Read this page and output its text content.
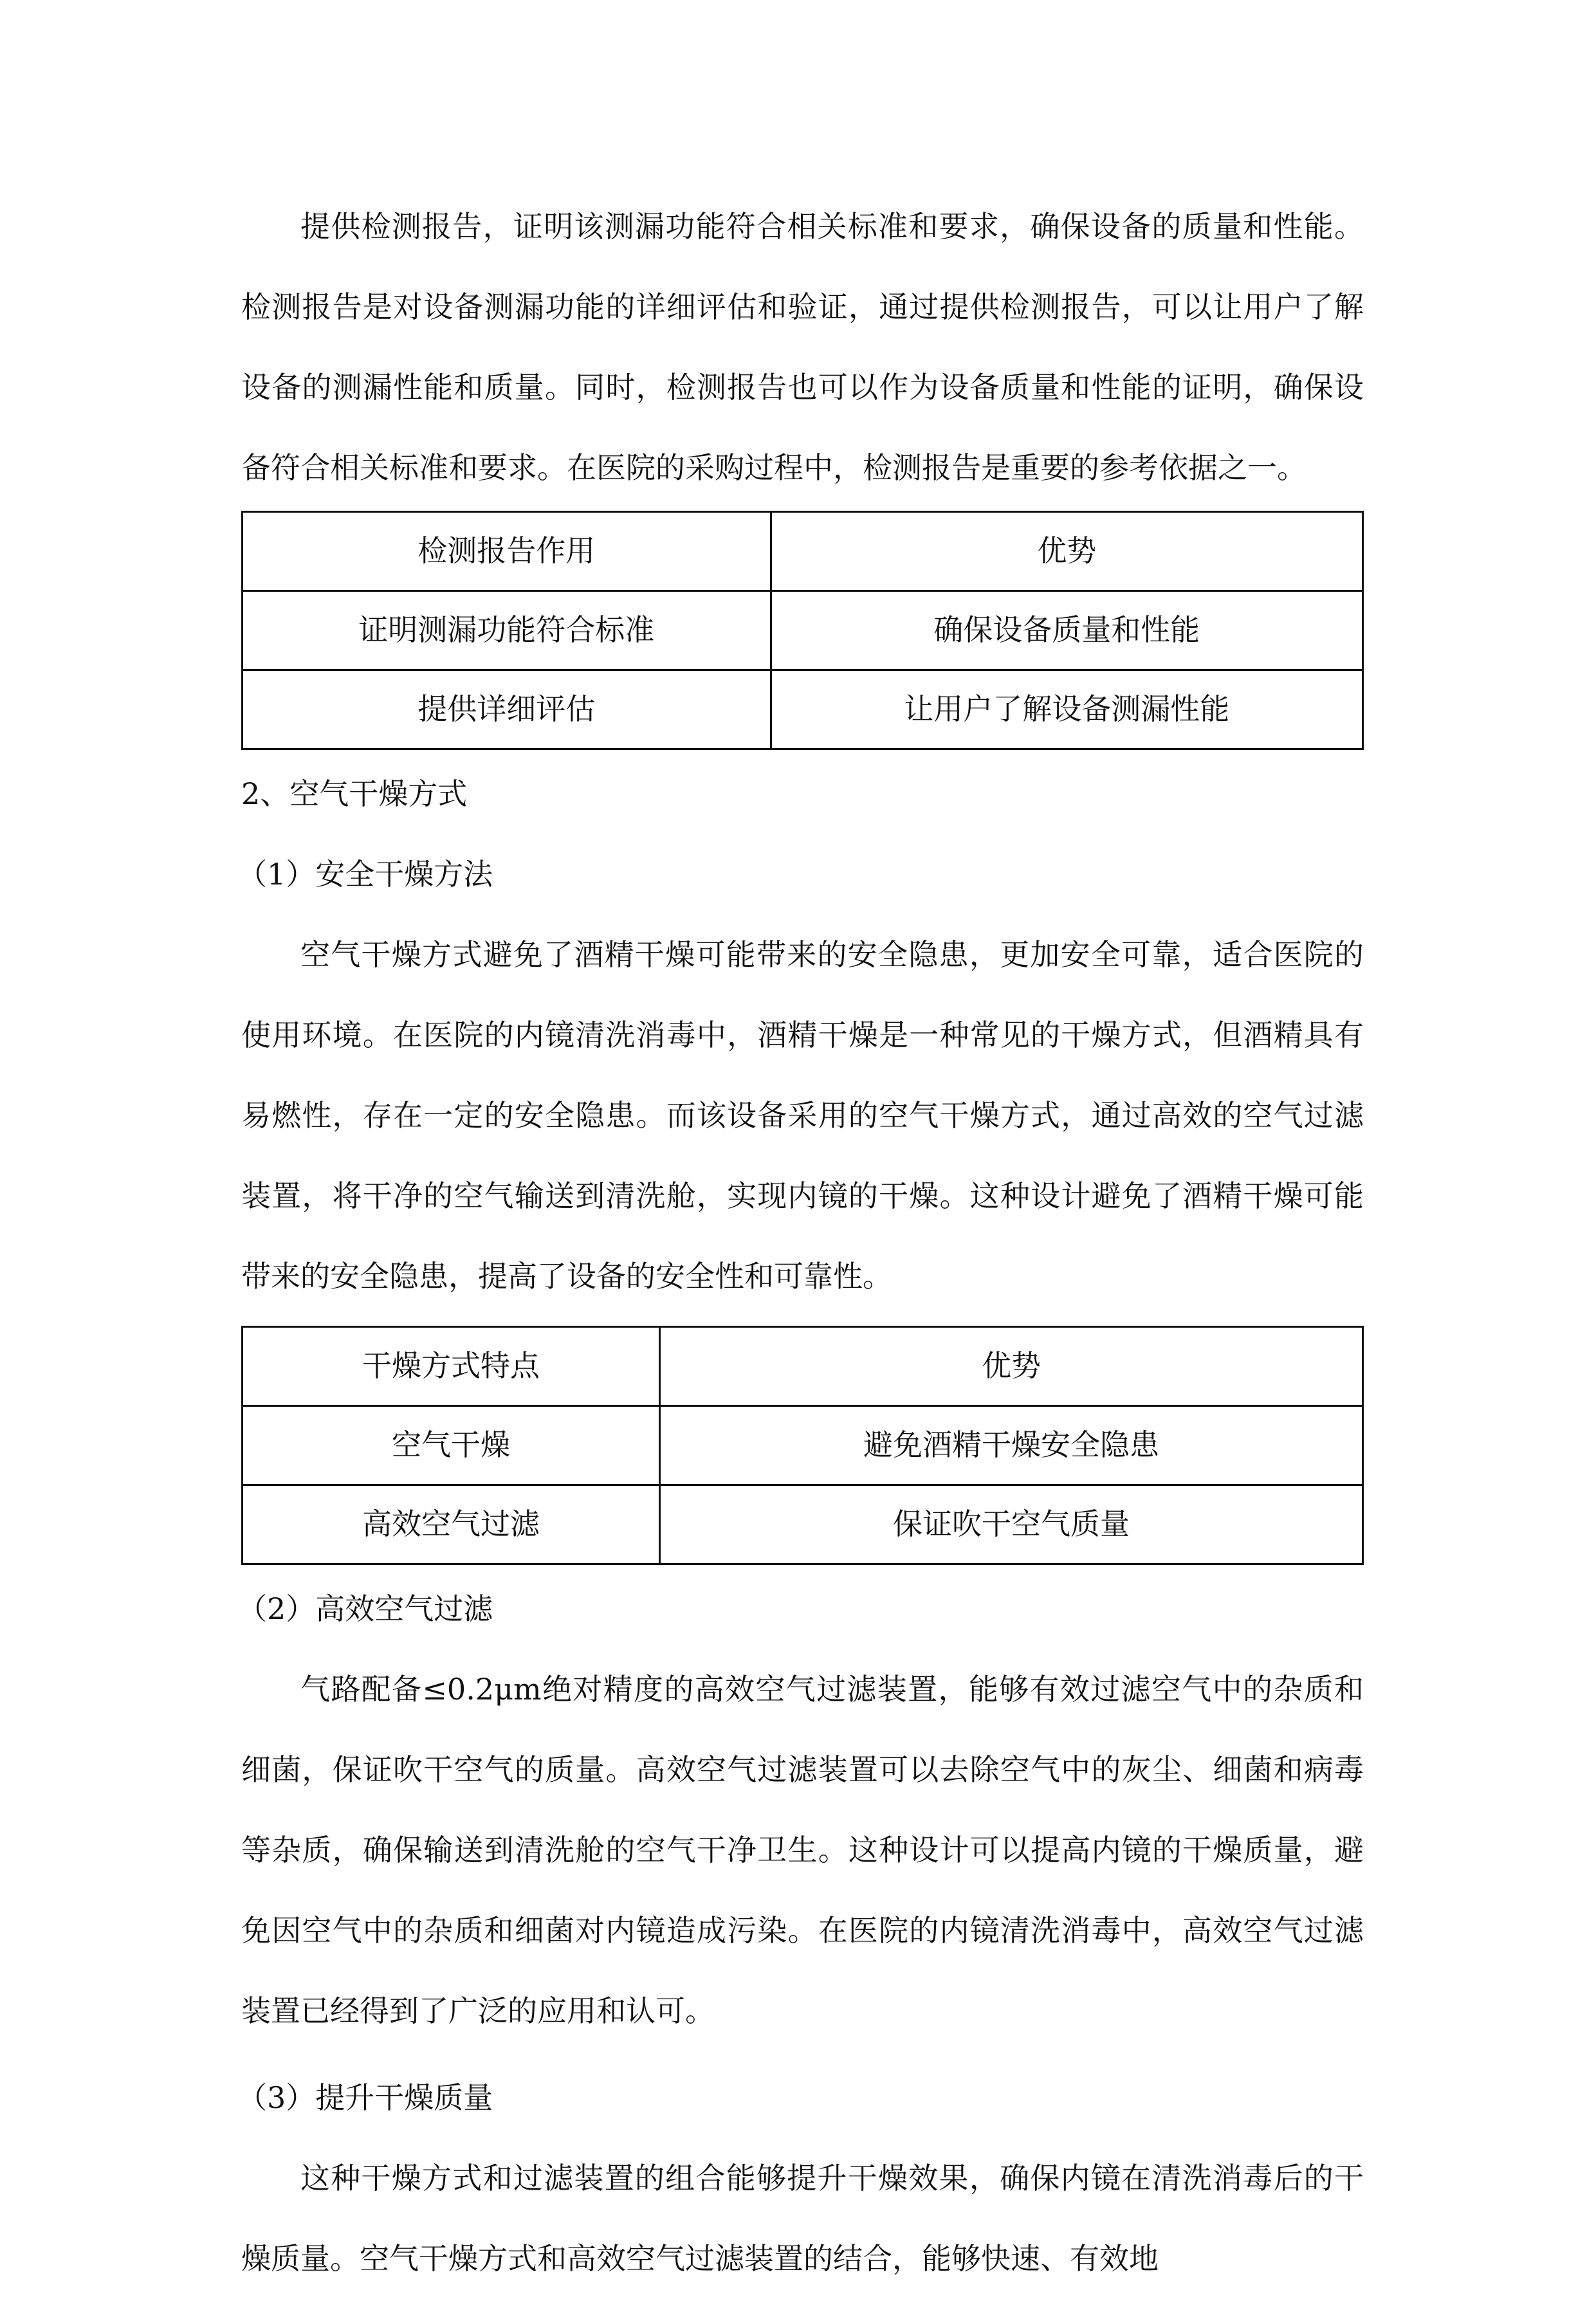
提供检测报告，证明该测漏功能符合相关标准和要求，确保设备的质量和性能。检测报告是对设备测漏功能的详细评估和验证，通过提供检测报告，可以让用户了解设备的测漏性能和质量。同时，检测报告也可以作为设备质量和性能的证明，确保设备符合相关标准和要求。在医院的采购过程中，检测报告是重要的参考依据之一。

检测报告作用	优势
证明测漏功能符合标准	确保设备质量和性能
提供详细评估	让用户了解设备测漏性能

2、空气干燥方式

（1）安全干燥方法

空气干燥方式避免了酒精干燥可能带来的安全隐患，更加安全可靠，适合医院的使用环境。在医院的内镜清洗消毒中，酒精干燥是一种常见的干燥方式，但酒精具有易燃性，存在一定的安全隐患。而该设备采用的空气干燥方式，通过高效的空气过滤装置，将干净的空气输送到清洗舱，实现内镜的干燥。这种设计避免了酒精干燥可能带来的安全隐患，提高了设备的安全性和可靠性。

干燥方式特点	优势
空气干燥	避免酒精干燥安全隐患
高效空气过滤	保证吹干空气质量

（2）高效空气过滤

气路配备≤0.2μm绝对精度的高效空气过滤装置，能够有效过滤空气中的杂质和细菌，保证吹干空气的质量。高效空气过滤装置可以去除空气中的灰尘、细菌和病毒等杂质，确保输送到清洗舱的空气干净卫生。这种设计可以提高内镜的干燥质量，避免因空气中的杂质和细菌对内镜造成污染。在医院的内镜清洗消毒中，高效空气过滤装置已经得到了广泛的应用和认可。

（3）提升干燥质量

这种干燥方式和过滤装置的组合能够提升干燥效果，确保内镜在清洗消毒后的干燥质量。空气干燥方式和高效空气过滤装置的结合，能够快速、有效地
